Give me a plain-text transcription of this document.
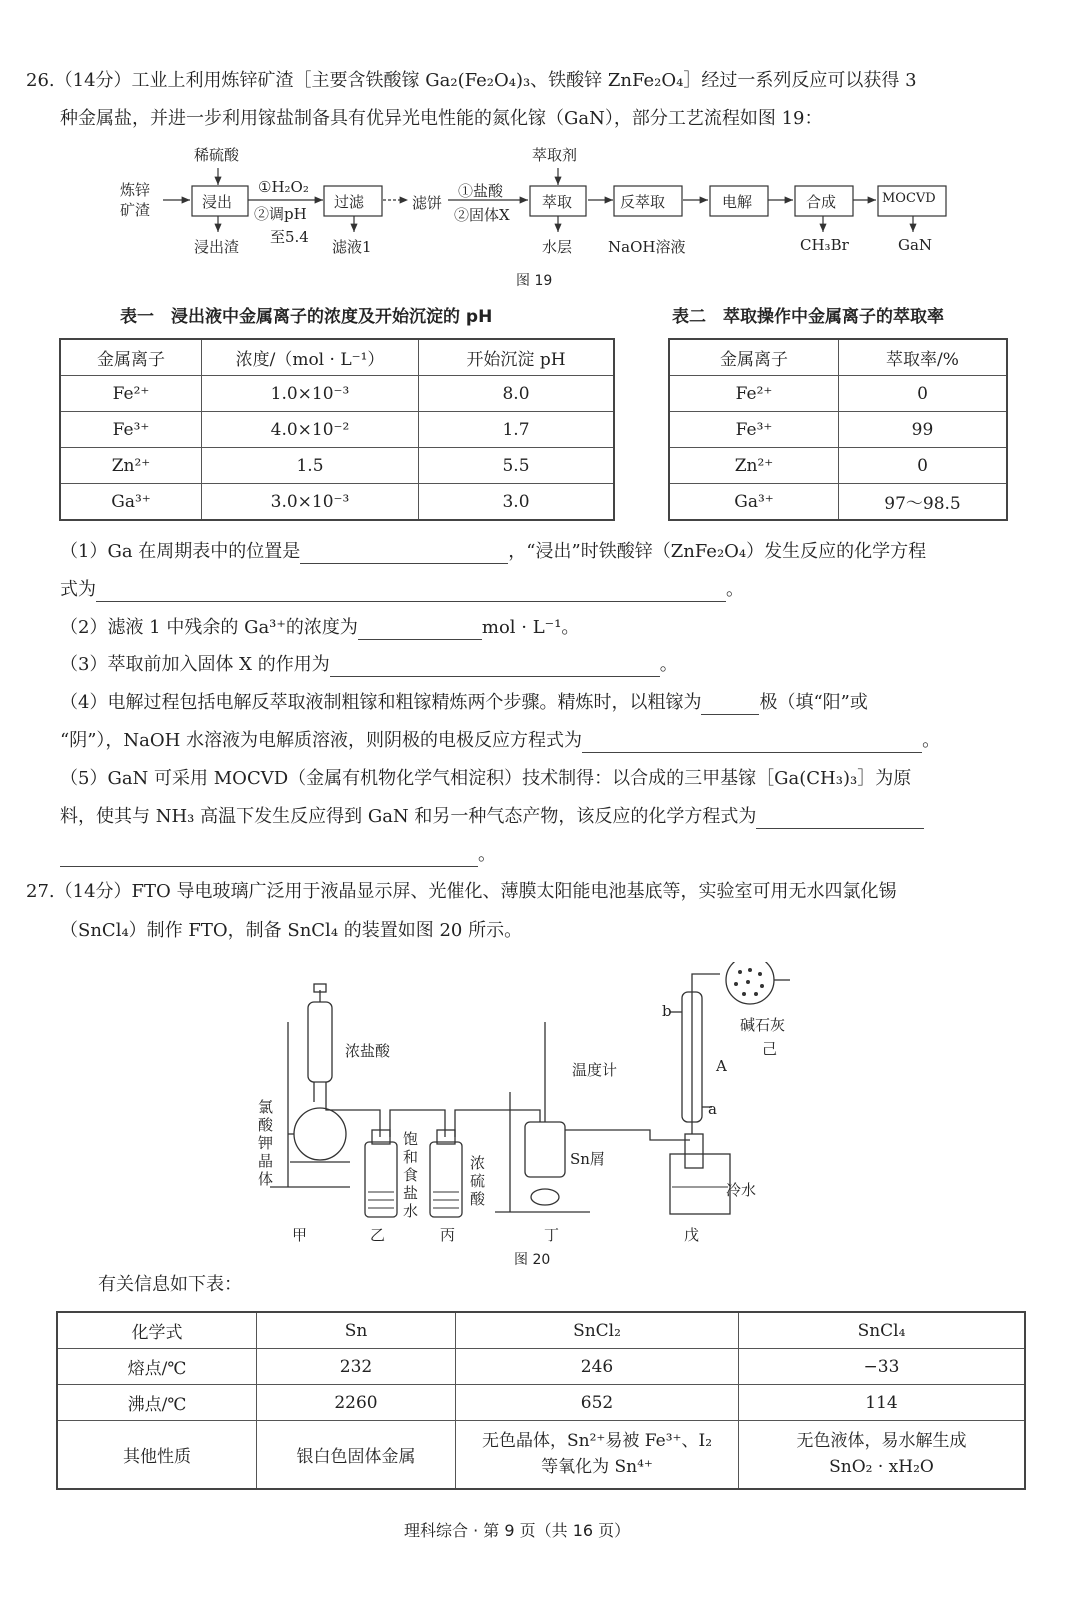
26.（14分）工业上利用炼锌矿渣［主要含铁酸镓 Ga₂(Fe₂O₄)₃、铁酸锌 ZnFe₂O₄］经过一系列反应可以获得 3
种金属盐，并进一步利用镓盐制备具有优异光电性能的氮化镓（GaN），部分工艺流程如图 19：
炼锌矿渣
稀硫酸
浸出
浸出渣
①H₂O₂
②调pH
至5.4
过滤
滤液1
滤饼
①盐酸
②固体X
萃取剂
萃取
水层
反萃取
NaOH溶液
电解	合成
CH₃Br
MOCVD
GaN
图 19
表一　浸出液中金属离子的浓度及开始沉淀的 pH	表二　萃取操作中金属离子的萃取率
金属离子	浓度/（mol · L⁻¹）	开始沉淀 pH
Fe²⁺	1.0×10⁻³	8.0
Fe³⁺	4.0×10⁻²	1.7
Zn²⁺	1.5	5.5
Ga³⁺	3.0×10⁻³	3.0
金属离子	萃取率/%
Fe²⁺	0
Fe³⁺	99
Zn²⁺	0
Ga³⁺	97～98.5
（1）Ga 在周期表中的位置是	，“浸出”时铁酸锌（ZnFe₂O₄）发生反应的化学方程
式为	。
（2）滤液 1 中残余的 Ga³⁺的浓度为	mol · L⁻¹。
（3）萃取前加入固体 X 的作用为	。
（4）电解过程包括电解反萃取液制粗镓和粗镓精炼两个步骤。精炼时，以粗镓为	极（填“阳”或
“阴”），NaOH 水溶液为电解质溶液，则阴极的电极反应方程式为	。
（5）GaN 可采用 MOCVD（金属有机物化学气相淀积）技术制得：以合成的三甲基镓［Ga(CH₃)₃］为原
料，使其与 NH₃ 高温下发生反应得到 GaN 和另一种气态产物，该反应的化学方程式为
。
27.（14分）FTO 导电玻璃广泛用于液晶显示屏、光催化、薄膜太阳能电池基底等，实验室可用无水四氯化锡
（SnCl₄）制作 FTO，制备 SnCl₄ 的装置如图 20 所示。
浓盐酸
氯酸钾晶体
甲
饱和食盐水
乙
浓硫酸
丙
温度计
Sn屑
丁
b
A
a
碱石灰
己
冷水
戊
图 20
有关信息如下表：
化学式	Sn	SnCl₂	SnCl₄
熔点/℃	232	246	−33
沸点/℃	2260	652	114
其他性质	银白色固体金属	无色晶体，Sn²⁺易被 Fe³⁺、I₂ 等氧化为 Sn⁴⁺	无色液体，易水解生成 SnO₂ · xH₂O
理科综合 · 第 9 页（共 16 页）
